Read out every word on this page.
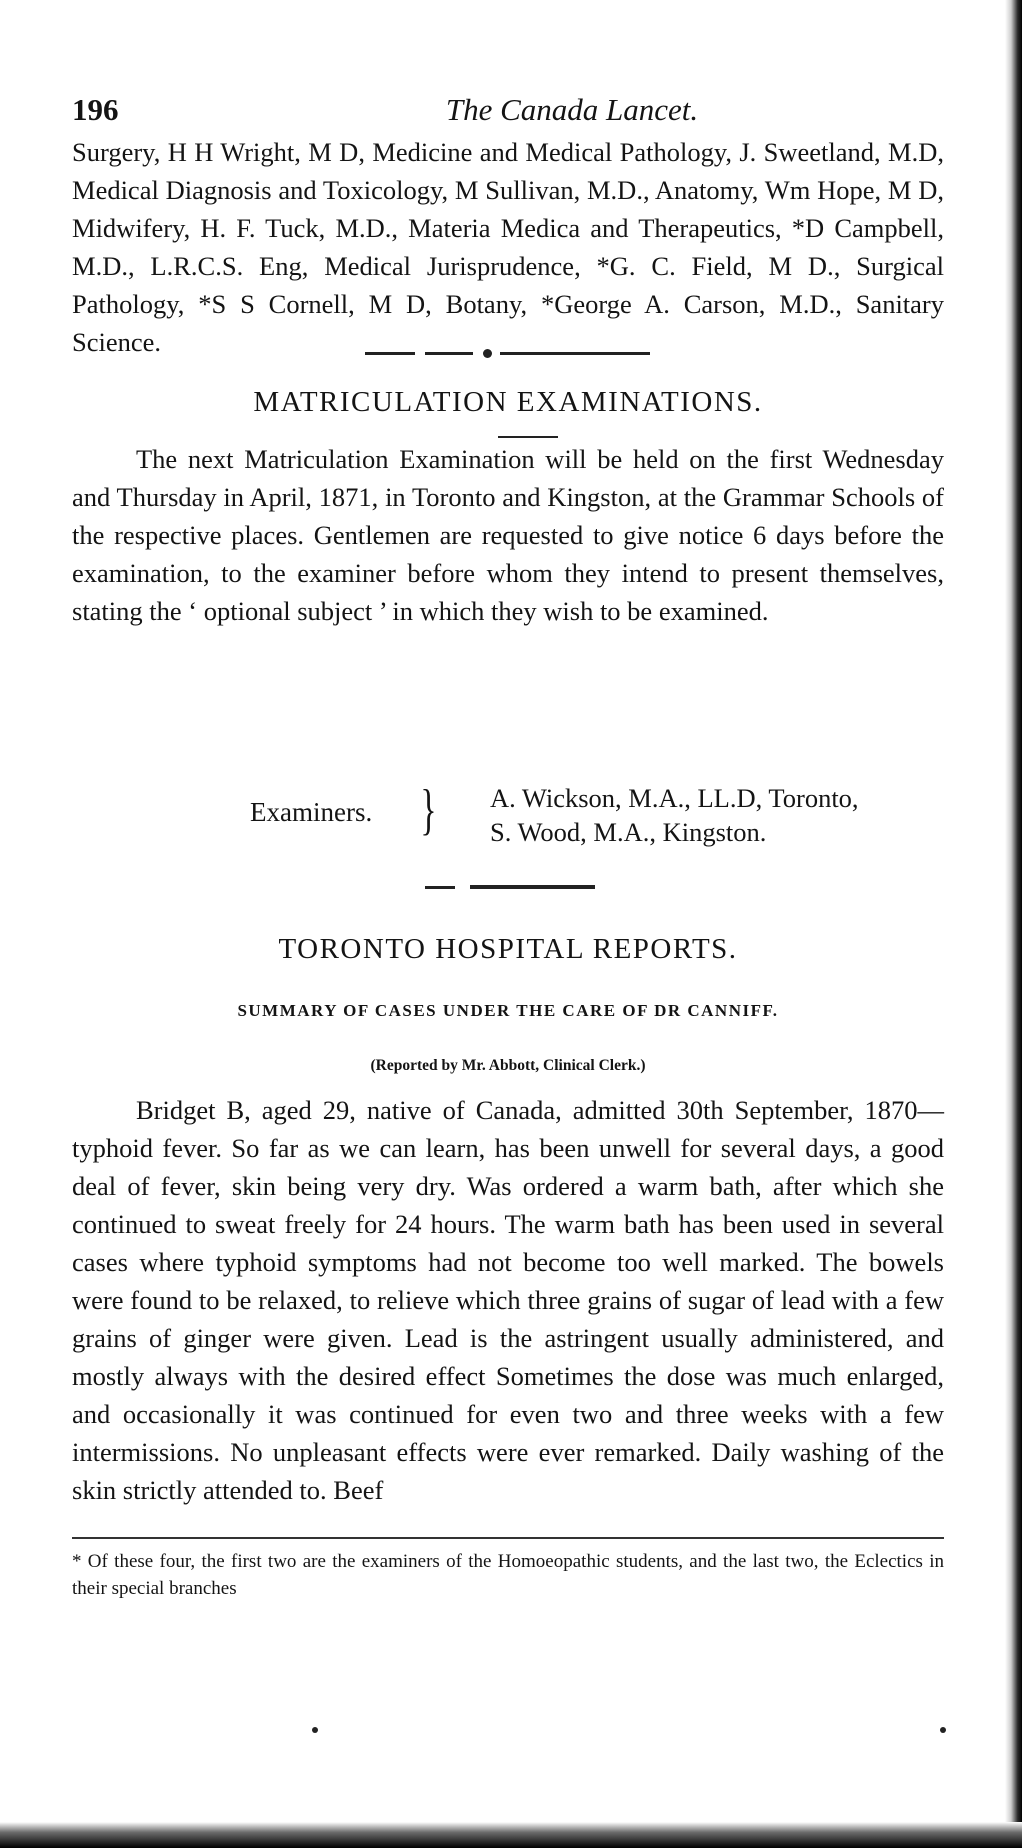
196	The Canada Lancet.

Surgery, H H Wright, M D, Medicine and Medical Pathology, J. Sweetland, M.D, Medical Diagnosis and Toxicology, M Sullivan, M.D., Anatomy, Wm Hope, M D, Midwifery, H. F. Tuck, M.D., Materia Medica and Therapeutics, *D Campbell, M.D., L.R.C.S. Eng, Medical Jurisprudence, *G. C. Field, M D., Surgical Pathology, *S S Cornell, M D, Botany, *George A. Carson, M.D., Sanitary Science.

MATRICULATION EXAMINATIONS.

The next Matriculation Examination will be held on the first Wednesday and Thursday in April, 1871, in Toronto and Kingston, at the Grammar Schools of the respective places. Gentlemen are requested to give notice 6 days before the examination, to the examiner before whom they intend to present themselves, stating the ‘ optional subject ’ in which they wish to be examined.

Examiners. } A. Wickson, M.A., LL.D, Toronto,
S. Wood, M.A., Kingston.
TORONTO HOSPITAL REPORTS.

SUMMARY OF CASES UNDER THE CARE OF DR CANNIFF.

(Reported by Mr. Abbott, Clinical Clerk.)

Bridget B, aged 29, native of Canada, admitted 30th September, 1870—typhoid fever. So far as we can learn, has been unwell for several days, a good deal of fever, skin being very dry. Was ordered a warm bath, after which she continued to sweat freely for 24 hours. The warm bath has been used in several cases where typhoid symptoms had not become too well marked. The bowels were found to be relaxed, to relieve which three grains of sugar of lead with a few grains of ginger were given. Lead is the astringent usually administered, and mostly always with the desired effect Sometimes the dose was much enlarged, and occasionally it was continued for even two and three weeks with a few intermissions. No unpleasant effects were ever remarked. Daily washing of the skin strictly attended to. Beef

* Of these four, the first two are the examiners of the Homoeopathic students, and the last two, the Eclectics in their special branches
